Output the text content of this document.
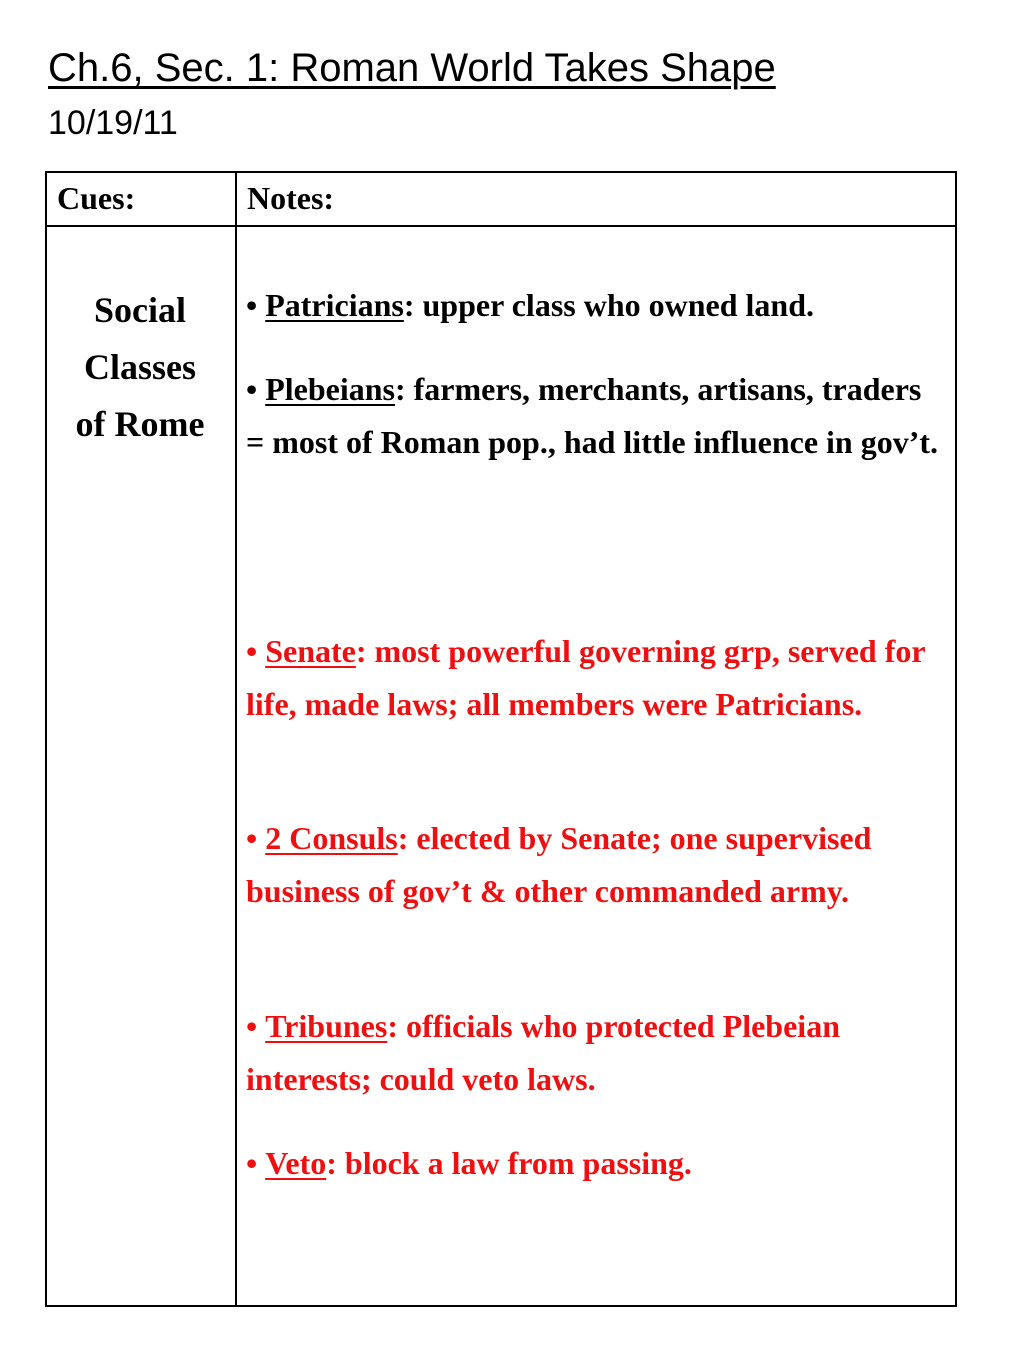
Ch.6, Sec. 1: Roman World Takes Shape
10/19/11
Cues:	Notes:
Social
Classes
of Rome
• Patricians: upper class who owned land.
• Plebeians: farmers, merchants, artisans, traders = most of Roman pop., had little influence in gov’t.
• Senate: most powerful governing grp, served for life, made laws; all members were Patricians.
• 2 Consuls: elected by Senate; one supervised business of gov’t & other commanded army.
• Tribunes: officials who protected Plebeian interests; could veto laws.
• Veto: block a law from passing.
